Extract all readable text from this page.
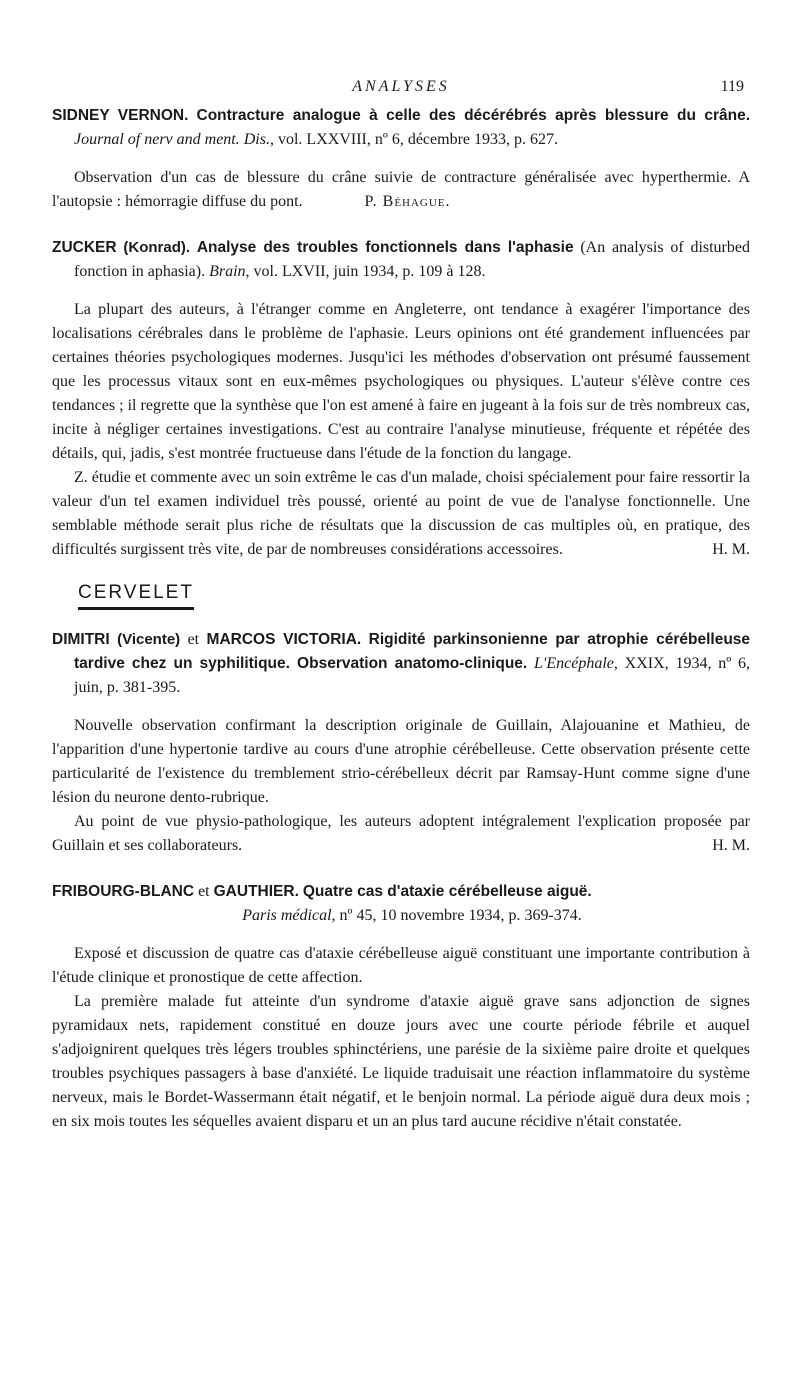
ANALYSES	119

SIDNEY VERNON. Contracture analogue à celle des décérébrés après blessure du crâne. Journal of nerv and ment. Dis., vol. LXXVIII, nº 6, décembre 1933, p. 627.

Observation d'un cas de blessure du crâne suivie de contracture généralisée avec hyperthermie. A l'autopsie : hémorragie diffuse du pont.	P. Béhague.

ZUCKER (Konrad). Analyse des troubles fonctionnels dans l'aphasie (An analysis of disturbed fonction in aphasia). Brain, vol. LXVII, juin 1934, p. 109 à 128.

La plupart des auteurs, à l'étranger comme en Angleterre, ont tendance à exagérer l'importance des localisations cérébrales dans le problème de l'aphasie. Leurs opinions ont été grandement influencées par certaines théories psychologiques modernes. Jusqu'ici les méthodes d'observation ont présumé faussement que les processus vitaux sont en eux-mêmes psychologiques ou physiques. L'auteur s'élève contre ces tendances ; il regrette que la synthèse que l'on est amené à faire en jugeant à la fois sur de très nombreux cas, incite à négliger certaines investigations. C'est au contraire l'analyse minutieuse, fréquente et répétée des détails, qui, jadis, s'est montrée fructueuse dans l'étude de la fonction du langage.

Z. étudie et commente avec un soin extrême le cas d'un malade, choisi spécialement pour faire ressortir la valeur d'un tel examen individuel très poussé, orienté au point de vue de l'analyse fonctionnelle. Une semblable méthode serait plus riche de résultats que la discussion de cas multiples où, en pratique, des difficultés surgissent très vite, de par de nombreuses considérations accessoires.	H. M.

CERVELET

DIMITRI (Vicente) et MARCOS VICTORIA. Rigidité parkinsonienne par atrophie cérébelleuse tardive chez un syphilitique. Observation anatomo-clinique. L'Encéphale, XXIX, 1934, nº 6, juin, p. 381-395.

Nouvelle observation confirmant la description originale de Guillain, Alajouanine et Mathieu, de l'apparition d'une hypertonie tardive au cours d'une atrophie cérébelleuse. Cette observation présente cette particularité de l'existence du tremblement strio-cérébelleux décrit par Ramsay-Hunt comme signe d'une lésion du neurone dento-rubrique.

Au point de vue physio-pathologique, les auteurs adoptent intégralement l'explication proposée par Guillain et ses collaborateurs.	H. M.

FRIBOURG-BLANC et GAUTHIER. Quatre cas d'ataxie cérébelleuse aiguë.
Paris médical, nº 45, 10 novembre 1934, p. 369-374.

Exposé et discussion de quatre cas d'ataxie cérébelleuse aiguë constituant une importante contribution à l'étude clinique et pronostique de cette affection.

La première malade fut atteinte d'un syndrome d'ataxie aiguë grave sans adjonction de signes pyramidaux nets, rapidement constitué en douze jours avec une courte période fébrile et auquel s'adjoignirent quelques très légers troubles sphinctériens, une parésie de la sixième paire droite et quelques troubles psychiques passagers à base d'anxiété. Le liquide traduisait une réaction inflammatoire du système nerveux, mais le Bordet-Wassermann était négatif, et le benjoin normal. La période aiguë dura deux mois ; en six mois toutes les séquelles avaient disparu et un an plus tard aucune récidive n'était constatée.
